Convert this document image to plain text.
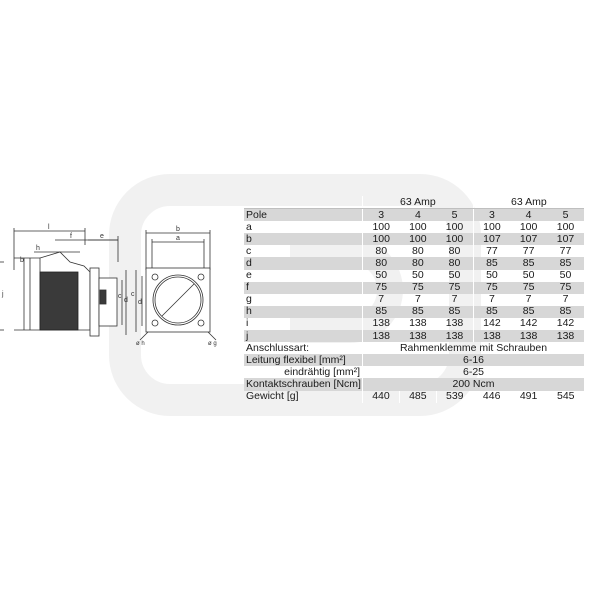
l
f	e
b
h
c
d
j
b
a
c
d
ø h	ø g
	63 Amp			63 Amp		
Pole	3	4	5	3	4	5
a	100	100	100	100	100	100
b	100	100	100	107	107	107
c	80	80	80	77	77	77
d	80	80	80	85	85	85
e	50	50	50	50	50	50
f	75	75	75	75	75	75
g	7	7	7	7	7	7
h	85	85	85	85	85	85
i	138	138	138	142	142	142
j	138	138	138	138	138	138
Anschlussart:	Rahmenklemme mit Schrauben					
Leitung flexibel [mm²]	6-16					
eindrähtig [mm²]	6-25					
Kontaktschrauben [Ncm]	200 Ncm					
Gewicht [g]	440	485	539	446	491	545
